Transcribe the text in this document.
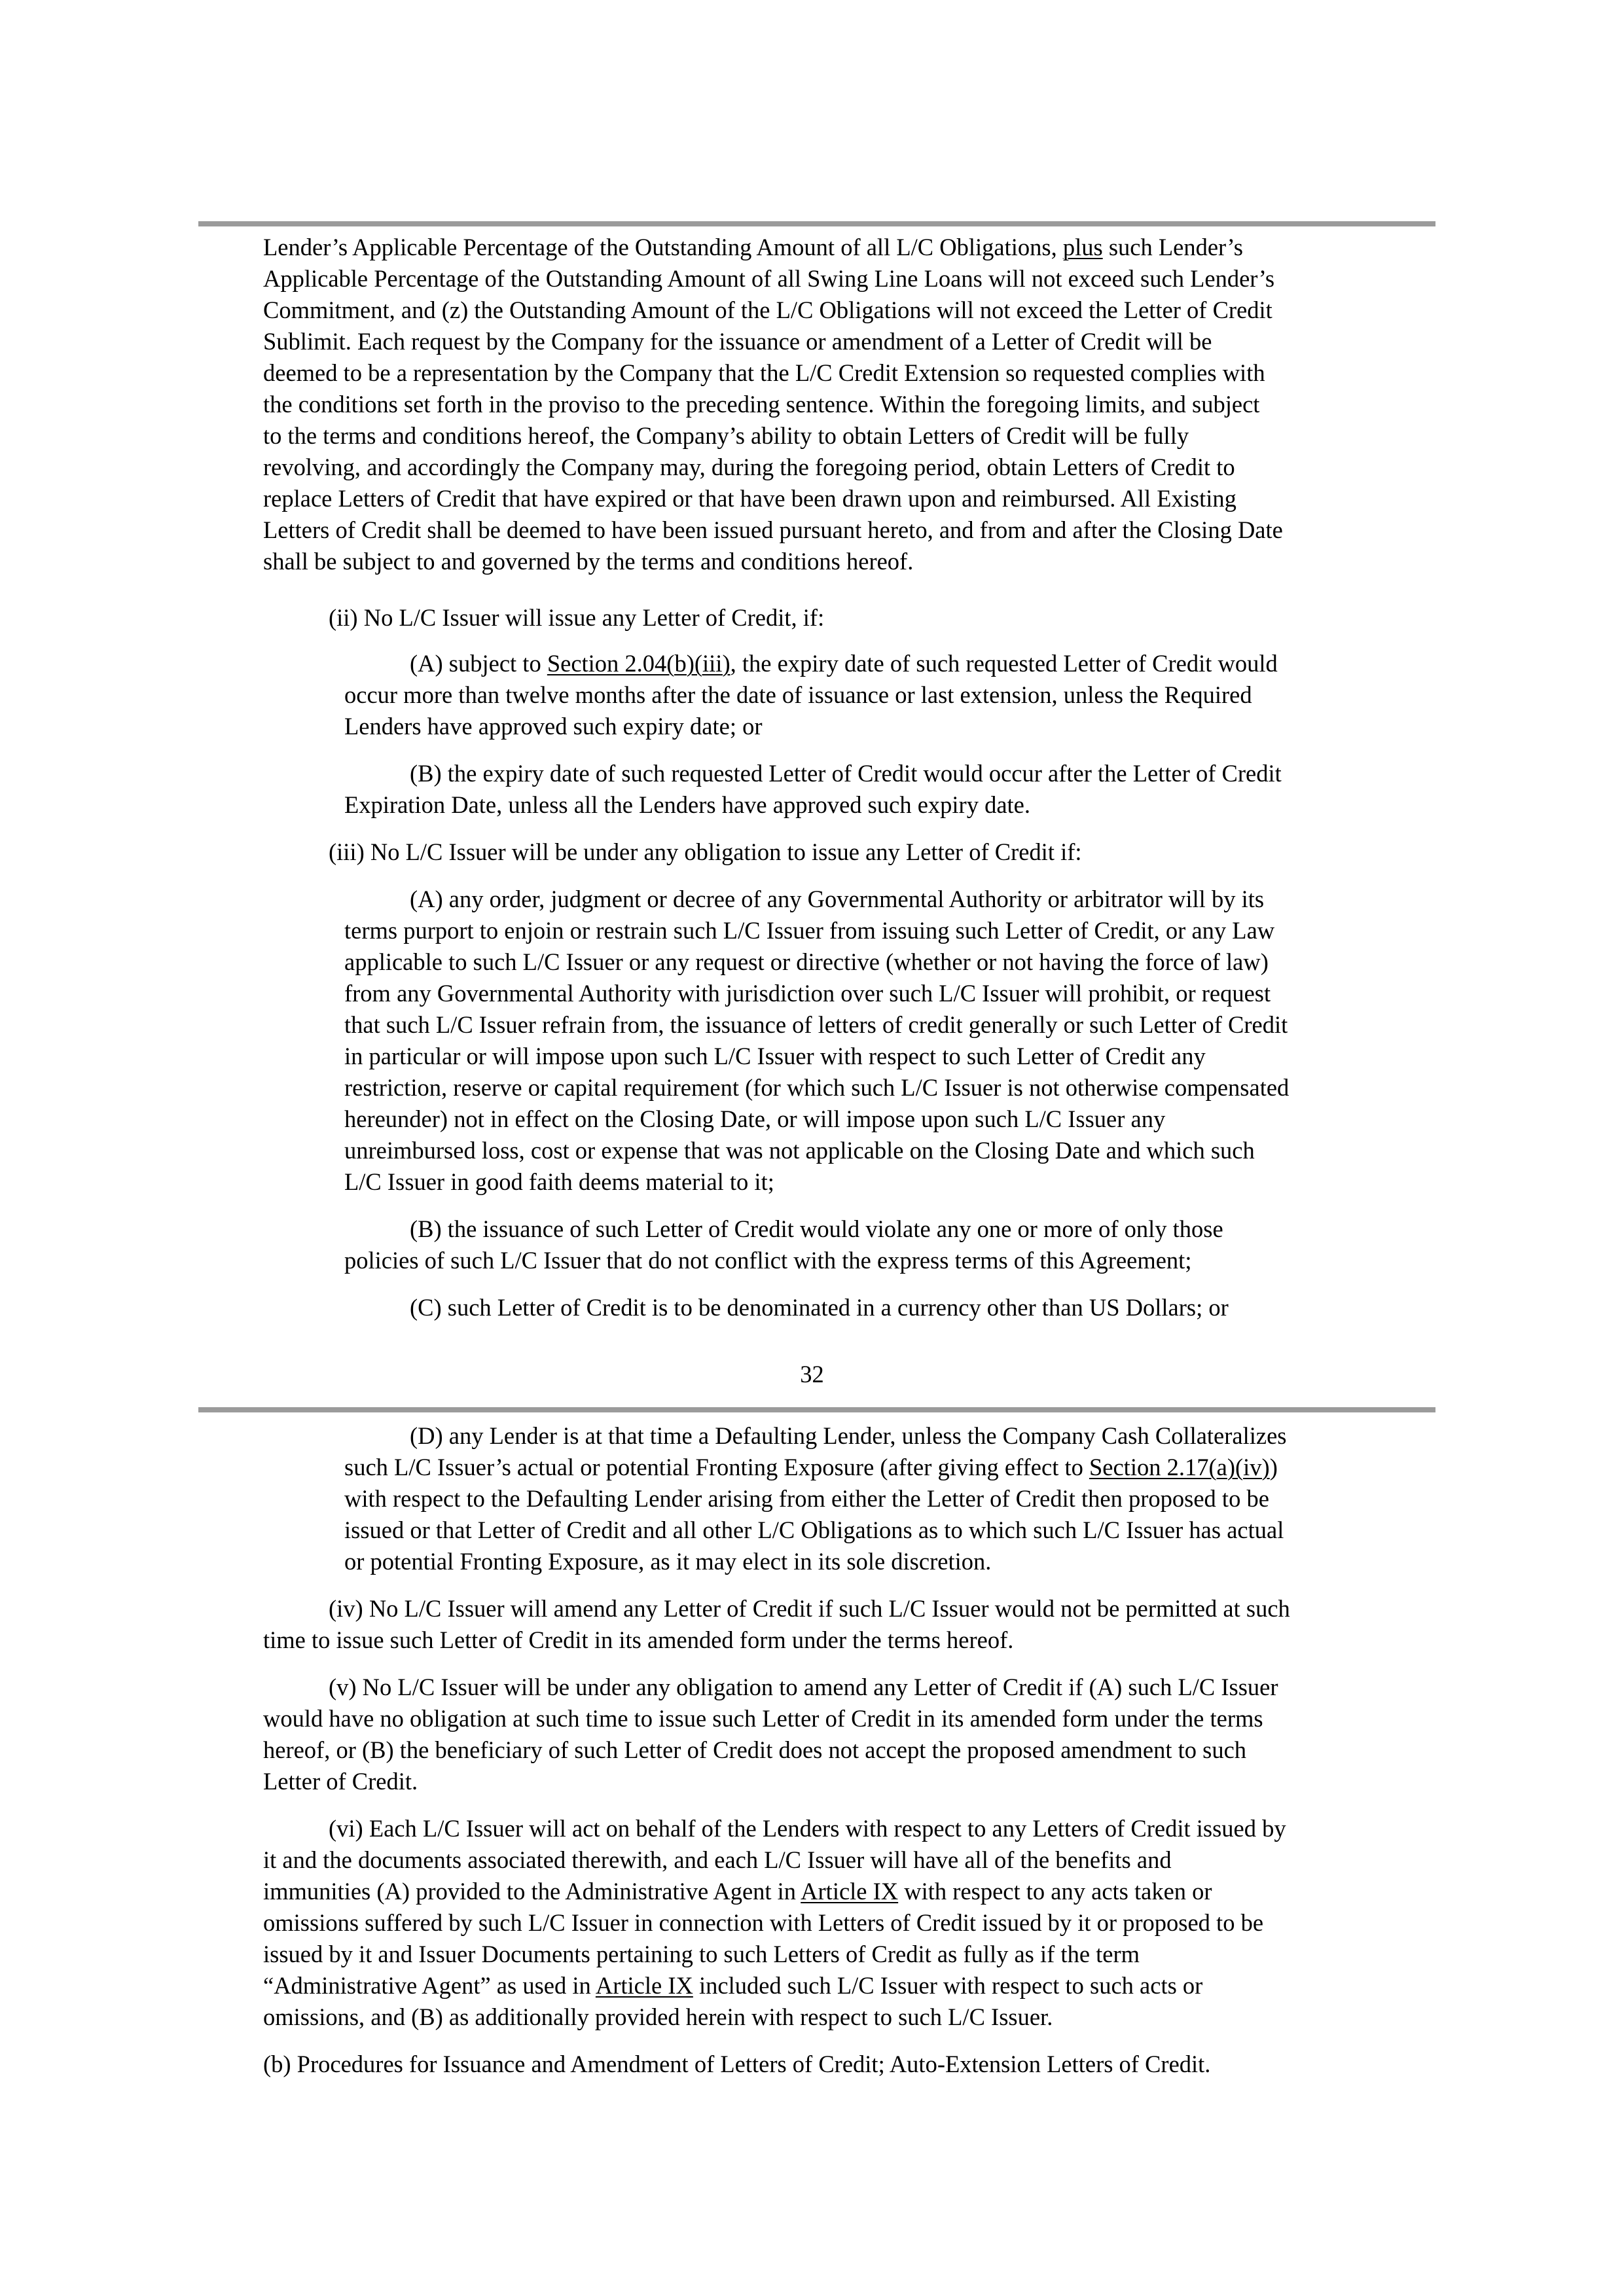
Lender’s Applicable Percentage of the Outstanding Amount of all L/C Obligations, plus such Lender’s
Applicable Percentage of the Outstanding Amount of all Swing Line Loans will not exceed such Lender’s
Commitment, and (z) the Outstanding Amount of the L/C Obligations will not exceed the Letter of Credit
Sublimit. Each request by the Company for the issuance or amendment of a Letter of Credit will be
deemed to be a representation by the Company that the L/C Credit Extension so requested complies with
the conditions set forth in the proviso to the preceding sentence. Within the foregoing limits, and subject
to the terms and conditions hereof, the Company’s ability to obtain Letters of Credit will be fully
revolving, and accordingly the Company may, during the foregoing period, obtain Letters of Credit to
replace Letters of Credit that have expired or that have been drawn upon and reimbursed. All Existing
Letters of Credit shall be deemed to have been issued pursuant hereto, and from and after the Closing Date
shall be subject to and governed by the terms and conditions hereof.
(ii) No L/C Issuer will issue any Letter of Credit, if:
(A) subject to Section 2.04(b)(iii), the expiry date of such requested Letter of Credit would
occur more than twelve months after the date of issuance or last extension, unless the Required
Lenders have approved such expiry date; or
(B) the expiry date of such requested Letter of Credit would occur after the Letter of Credit
Expiration Date, unless all the Lenders have approved such expiry date.
(iii) No L/C Issuer will be under any obligation to issue any Letter of Credit if:
(A) any order, judgment or decree of any Governmental Authority or arbitrator will by its
terms purport to enjoin or restrain such L/C Issuer from issuing such Letter of Credit, or any Law
applicable to such L/C Issuer or any request or directive (whether or not having the force of law)
from any Governmental Authority with jurisdiction over such L/C Issuer will prohibit, or request
that such L/C Issuer refrain from, the issuance of letters of credit generally or such Letter of Credit
in particular or will impose upon such L/C Issuer with respect to such Letter of Credit any
restriction, reserve or capital requirement (for which such L/C Issuer is not otherwise compensated
hereunder) not in effect on the Closing Date, or will impose upon such L/C Issuer any
unreimbursed loss, cost or expense that was not applicable on the Closing Date and which such
L/C Issuer in good faith deems material to it;
(B) the issuance of such Letter of Credit would violate any one or more of only those
policies of such L/C Issuer that do not conflict with the express terms of this Agreement;
(C) such Letter of Credit is to be denominated in a currency other than US Dollars; or
32
(D) any Lender is at that time a Defaulting Lender, unless the Company Cash Collateralizes
such L/C Issuer’s actual or potential Fronting Exposure (after giving effect to Section 2.17(a)(iv))
with respect to the Defaulting Lender arising from either the Letter of Credit then proposed to be
issued or that Letter of Credit and all other L/C Obligations as to which such L/C Issuer has actual
or potential Fronting Exposure, as it may elect in its sole discretion.
(iv) No L/C Issuer will amend any Letter of Credit if such L/C Issuer would not be permitted at such
time to issue such Letter of Credit in its amended form under the terms hereof.
(v) No L/C Issuer will be under any obligation to amend any Letter of Credit if (A) such L/C Issuer
would have no obligation at such time to issue such Letter of Credit in its amended form under the terms
hereof, or (B) the beneficiary of such Letter of Credit does not accept the proposed amendment to such
Letter of Credit.
(vi) Each L/C Issuer will act on behalf of the Lenders with respect to any Letters of Credit issued by
it and the documents associated therewith, and each L/C Issuer will have all of the benefits and
immunities (A) provided to the Administrative Agent in Article IX with respect to any acts taken or
omissions suffered by such L/C Issuer in connection with Letters of Credit issued by it or proposed to be
issued by it and Issuer Documents pertaining to such Letters of Credit as fully as if the term
“Administrative Agent” as used in Article IX included such L/C Issuer with respect to such acts or
omissions, and (B) as additionally provided herein with respect to such L/C Issuer.
(b) Procedures for Issuance and Amendment of Letters of Credit; Auto-Extension Letters of Credit.
